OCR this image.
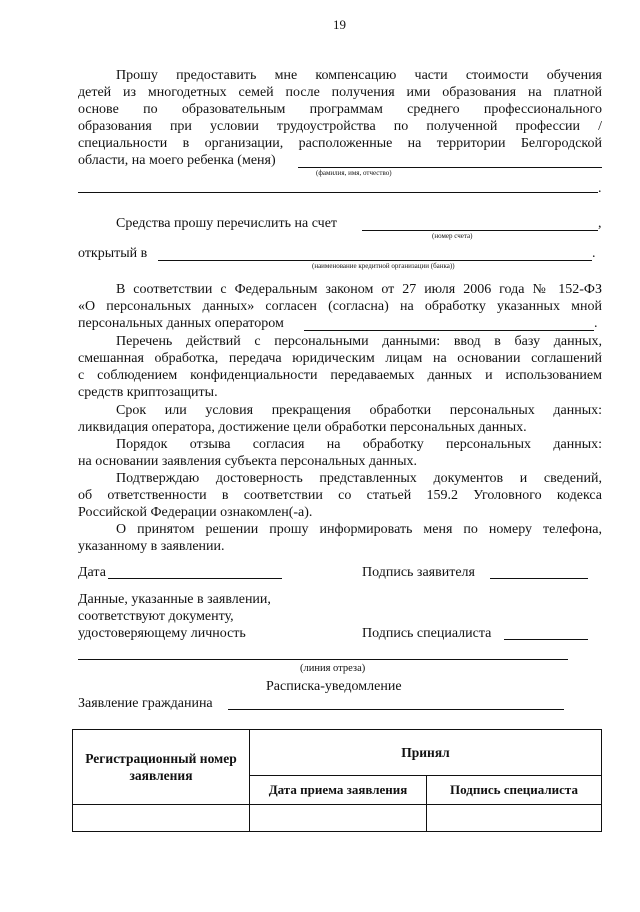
19
Прошу предоставить мне компенсацию части стоимости обучения
детей из многодетных семей после получения ими образования на платной
основе по образовательным программам среднего профессионального
образования при условии трудоустройства по полученной профессии /
специальности в организации, расположенные на территории Белгородской
области, на моего ребенка (меня)
(фамилия, имя, отчество)
.
Средства прошу перечислить на счет	,
(номер счета)
открытый в	.
(наименование кредитной организации (банка))
В соответствии с Федеральным законом от 27 июля 2006 года № 152-ФЗ
«О персональных данных» согласен (согласна) на обработку указанных мной
персональных данных оператором	.
Перечень действий с персональными данными: ввод в базу данных,
смешанная обработка, передача юридическим лицам на основании соглашений
с соблюдением конфиденциальности передаваемых данных и использованием
средств криптозащиты.
Срок или условия прекращения обработки персональных данных:
ликвидация оператора, достижение цели обработки персональных данных.
Порядок отзыва согласия на обработку персональных данных:
на основании заявления субъекта персональных данных.
Подтверждаю достоверность представленных документов и сведений,
об ответственности в соответствии со статьей 159.2 Уголовного кодекса
Российской Федерации ознакомлен(-а).
О принятом решении прошу информировать меня по номеру телефона,
указанному в заявлении.
Дата	Подпись заявителя
Данные, указанные в заявлении,
соответствуют документу,
удостоверяющему личность	Подпись специалиста
(линия отреза)
Расписка-уведомление
Заявление гражданина
Регистрационный номер заявления	Принял	
	Дата приема заявления	Подпись специалиста
